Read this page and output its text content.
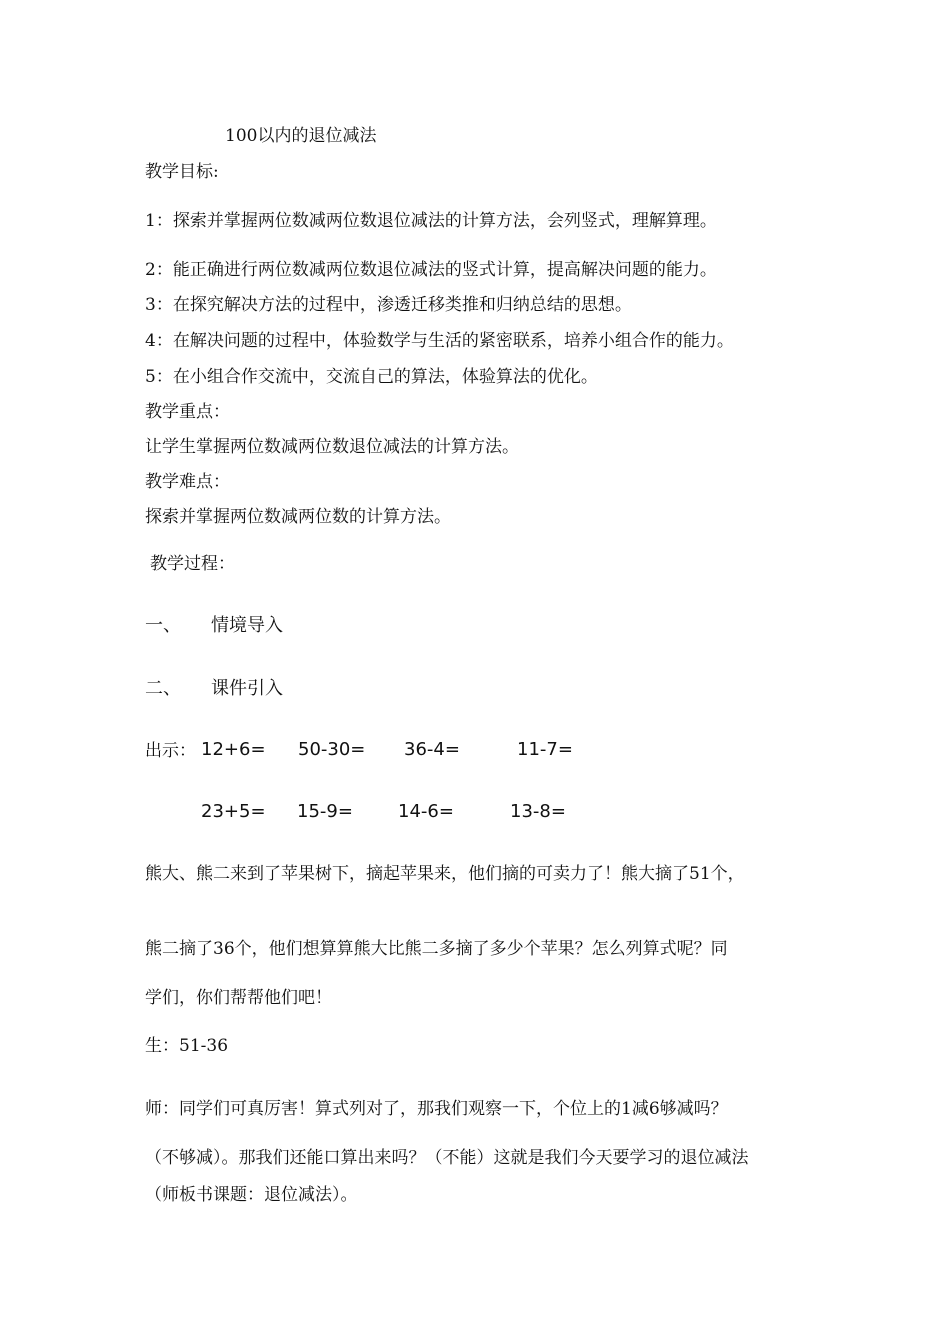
100以内的退位减法
教学目标:
1：探索并掌握两位数减两位数退位减法的计算方法，会列竖式，理解算理。
2：能正确进行两位数减两位数退位减法的竖式计算，提高解决问题的能力。
3：在探究解决方法的过程中，渗透迁移类推和归纳总结的思想。
4：在解决问题的过程中，体验数学与生活的紧密联系，培养小组合作的能力。
5：在小组合作交流中，交流自己的算法，体验算法的优化。
教学重点：
让学生掌握两位数减两位数退位减法的计算方法。
教学难点：
探索并掌握两位数减两位数的计算方法。
教学过程：
一、 情境导入
二、 课件引入
出示： 12+6= 50-30= 36-4=	11-7=
23+5= 15-9=	14-6=	13-8=
熊大、熊二来到了苹果树下，摘起苹果来，他们摘的可卖力了！熊大摘了51个，
熊二摘了36个，他们想算算熊大比熊二多摘了多少个苹果？怎么列算式呢？同
学们，你们帮帮他们吧！
生：51-36
师：同学们可真厉害！算式列对了，那我们观察一下，个位上的1减6够减吗？
（不够减）。那我们还能口算出来吗？（不能）这就是我们今天要学习的退位减法
（师板书课题：退位减法）。
